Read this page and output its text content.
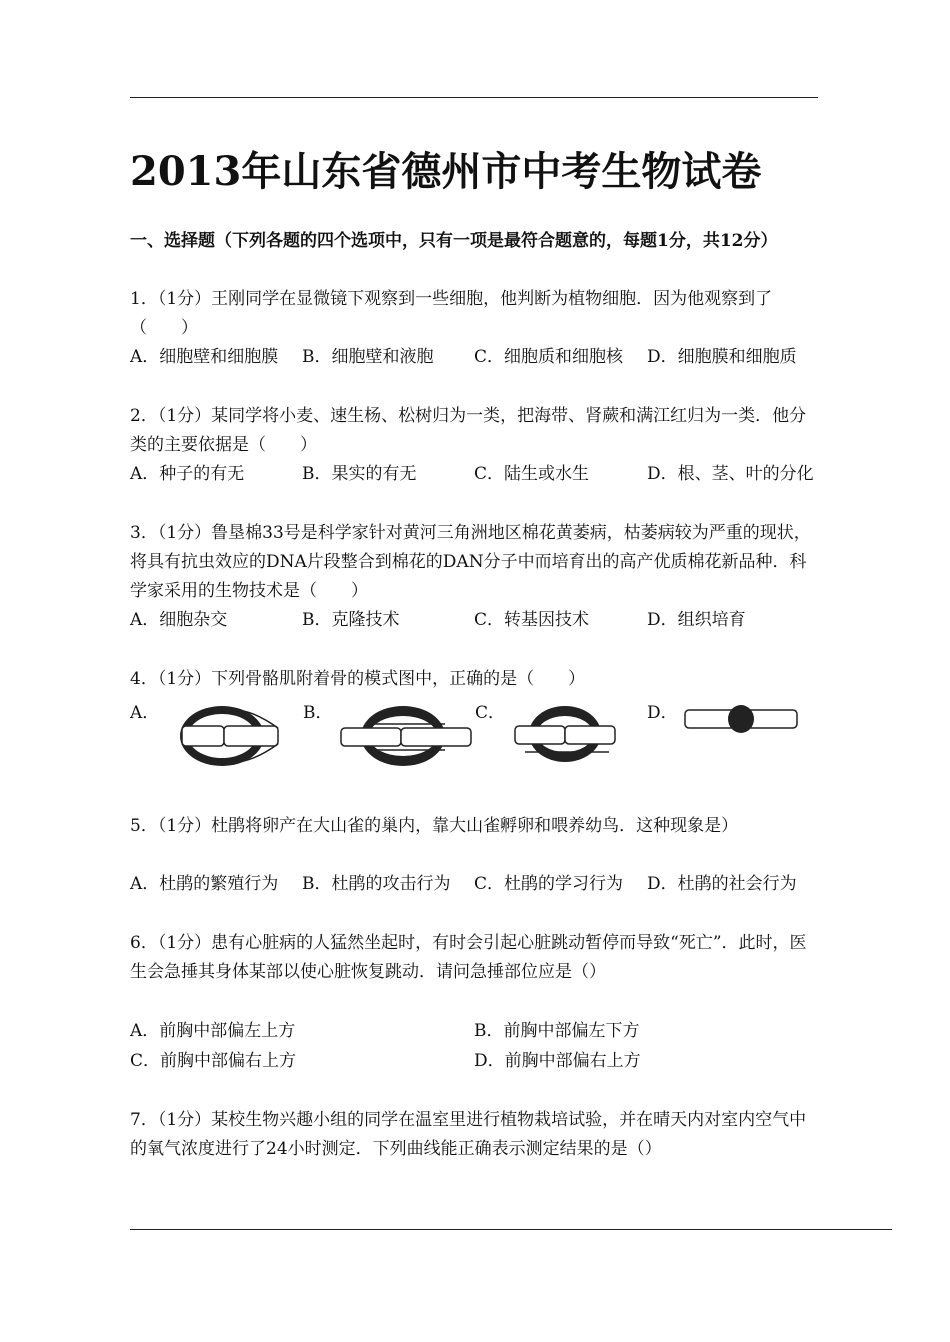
2013年山东省德州市中考生物试卷
一、选择题（下列各题的四个选项中，只有一项是最符合题意的，每题1分，共12分）
1．（1分）王刚同学在显微镜下观察到一些细胞，他判断为植物细胞．因为他观察到了（　　）
A．细胞壁和细胞膜 B．细胞壁和液胞 C．细胞质和细胞核 D．细胞膜和细胞质
2．（1分）某同学将小麦、速生杨、松树归为一类，把海带、肾蕨和满江红归为一类．他分类的主要依据是（　　）
A．种子的有无	B．果实的有无	C．陆生或水生	D．根、茎、叶的分化
3．（1分）鲁垦棉33号是科学家针对黄河三角洲地区棉花黄萎病，枯萎病较为严重的现状，将具有抗虫效应的DNA片段整合到棉花的DAN分子中而培育出的高产优质棉花新品种．科学家采用的生物技术是（　　）
A．细胞杂交	B．克隆技术	C．转基因技术	D．组织培育
4．（1分）下列骨骼肌附着骨的模式图中，正确的是（　　）
A．	B．	C．	D．
5．（1分）杜鹃将卵产在大山雀的巢内，靠大山雀孵卵和喂养幼鸟．这种现象是）
A．杜鹃的繁殖行为 B．杜鹃的攻击行为 C．杜鹃的学习行为 D．杜鹃的社会行为
6．（1分）患有心脏病的人猛然坐起时，有时会引起心脏跳动暂停而导致“死亡”．此时，医生会急捶其身体某部以使心脏恢复跳动．请问急捶部位应是（）
A．前胸中部偏左上方	B．前胸中部偏左下方
C．前胸中部偏右上方	D．前胸中部偏右上方
7．（1分）某校生物兴趣小组的同学在温室里进行植物栽培试验，并在晴天内对室内空气中的氧气浓度进行了24小时测定．下列曲线能正确表示测定结果的是（）
